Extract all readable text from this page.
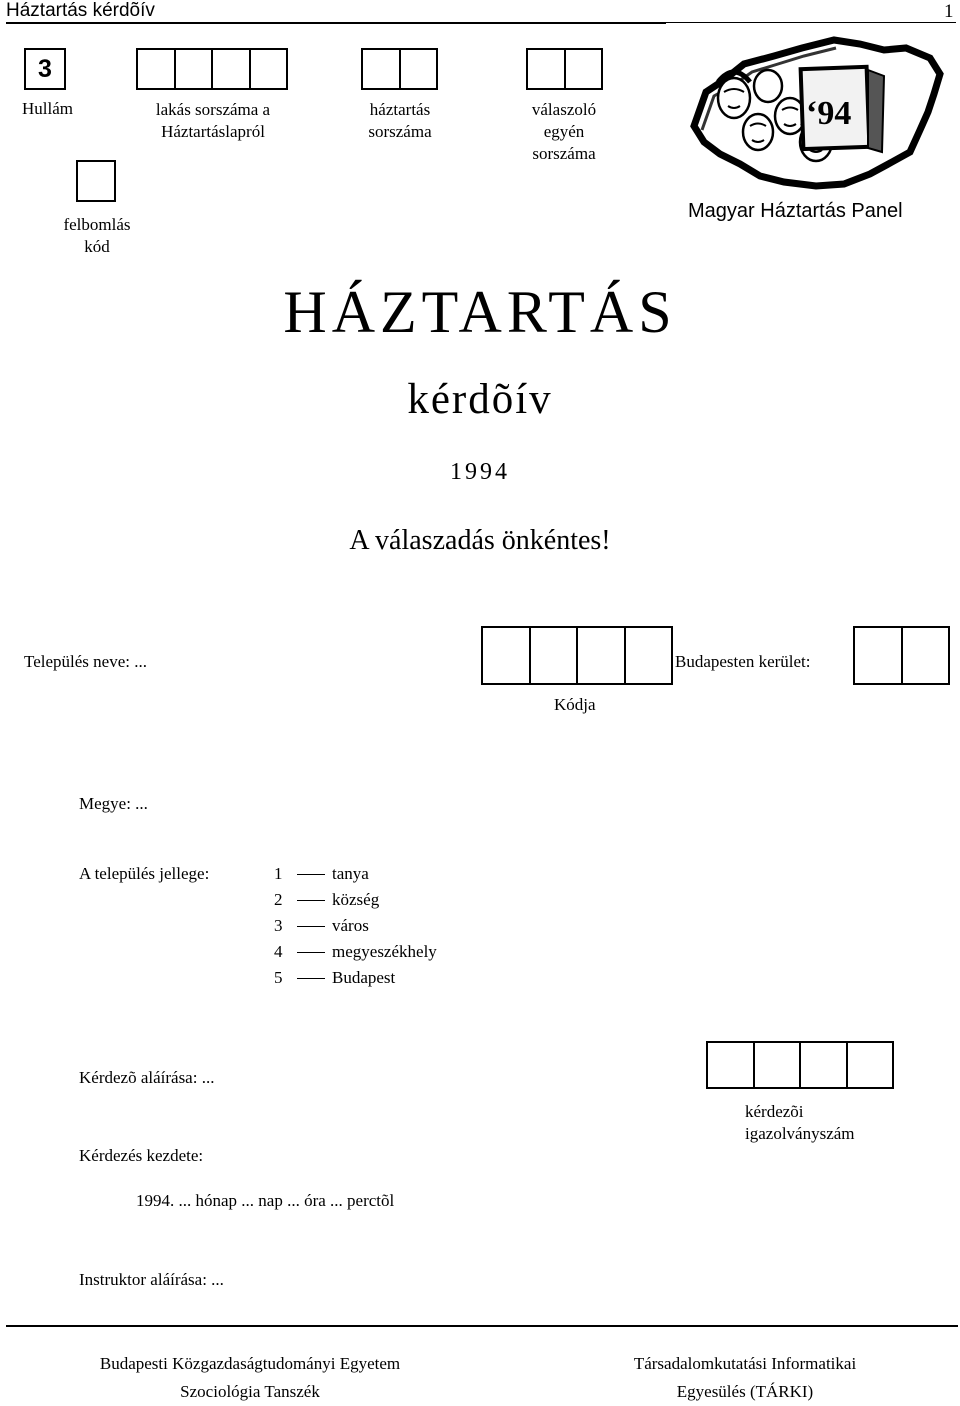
Háztartás kérdõív	1
3
Hullám	lakás sorszáma a
Háztartáslapról
háztartás
sorszáma
válaszoló
egyén
sorszáma
felbomlás
kód
‘94
Magyar Háztartás Panel
HÁZTARTÁS
kérdõív
1994
A válaszadás önkéntes!
Település neve: ...	Budapesten kerület:
Kódja
Megye: ...
A település jellege:	1	tanya
2	község
3	város
4	megyeszékhely
5	Budapest
Kérdezõ aláírása: ...
kérdezõi
igazolványszám
Kérdezés kezdete:
1994. ... hónap ... nap ... óra ... perctõl
Instruktor aláírása: ...
Budapesti Közgazdaságtudományi Egyetem
Szociológia Tanszék
Társadalomkutatási Informatikai
Egyesülés (TÁRKI)
